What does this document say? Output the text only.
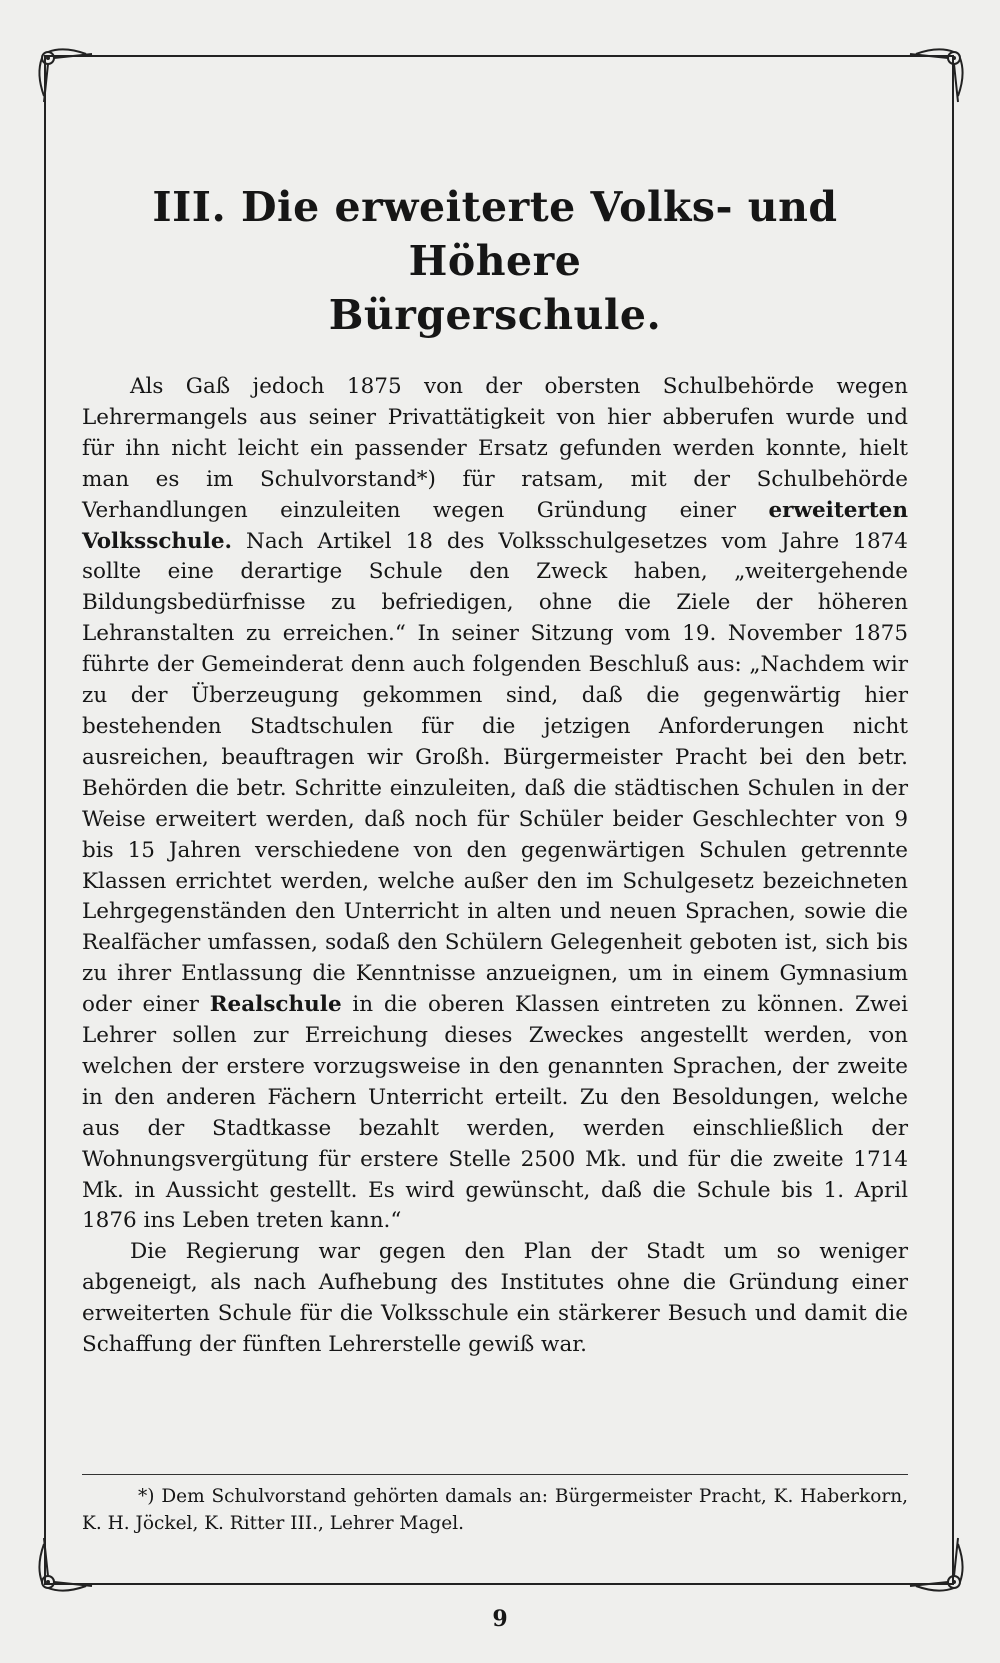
III. Die erweiterte Volks- und Höhere
Bürgerschule.

Als Gaß jedoch 1875 von der obersten Schulbehörde wegen Lehrermangels aus seiner Privattätigkeit von hier abberufen wurde und für ihn nicht leicht ein passender Ersatz gefunden werden konnte, hielt man es im Schulvorstand*) für ratsam, mit der Schulbehörde Verhandlungen einzuleiten wegen Gründung einer erweiterten Volksschule. Nach Artikel 18 des Volksschulgesetzes vom Jahre 1874 sollte eine derartige Schule den Zweck haben, „weitergehende Bildungsbedürfnisse zu befriedigen, ohne die Ziele der höheren Lehranstalten zu erreichen.“ In seiner Sitzung vom 19. November 1875 führte der Gemeinderat denn auch folgenden Beschluß aus: „Nachdem wir zu der Überzeugung gekommen sind, daß die gegenwärtig hier bestehenden Stadtschulen für die jetzigen Anforderungen nicht ausreichen, beauftragen wir Großh. Bürgermeister Pracht bei den betr. Behörden die betr. Schritte einzuleiten, daß die städtischen Schulen in der Weise erweitert werden, daß noch für Schüler beider Geschlechter von 9 bis 15 Jahren verschiedene von den gegenwärtigen Schulen getrennte Klassen errichtet werden, welche außer den im Schulgesetz bezeichneten Lehrgegenständen den Unterricht in alten und neuen Sprachen, sowie die Realfächer umfassen, sodaß den Schülern Gelegenheit geboten ist, sich bis zu ihrer Entlassung die Kenntnisse anzueignen, um in einem Gymnasium oder einer Realschule in die oberen Klassen eintreten zu können. Zwei Lehrer sollen zur Erreichung dieses Zweckes angestellt werden, von welchen der erstere vorzugsweise in den genannten Sprachen, der zweite in den anderen Fächern Unterricht erteilt. Zu den Besoldungen, welche aus der Stadtkasse bezahlt werden, werden einschließlich der Wohnungsvergütung für erstere Stelle 2500 Mk. und für die zweite 1714 Mk. in Aussicht gestellt. Es wird gewünscht, daß die Schule bis 1. April 1876 ins Leben treten kann.“

Die Regierung war gegen den Plan der Stadt um so weniger abgeneigt, als nach Aufhebung des Institutes ohne die Gründung einer erweiterten Schule für die Volksschule ein stärkerer Besuch und damit die Schaffung der fünften Lehrerstelle gewiß war.

*) Dem Schulvorstand gehörten damals an: Bürgermeister Pracht, K. Haberkorn, K. H. Jöckel, K. Ritter III., Lehrer Magel.
9
